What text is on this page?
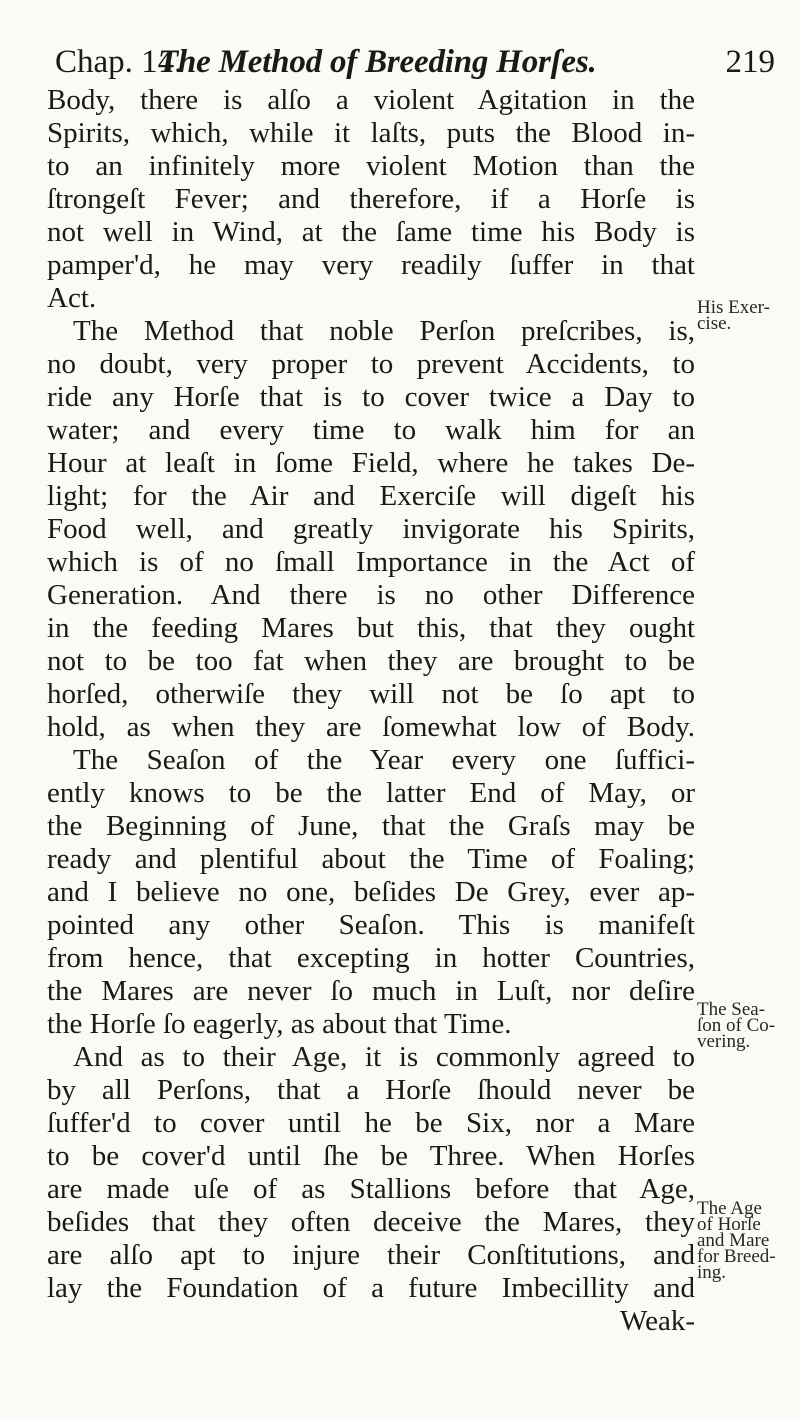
Chap. 14.
The Method of Breeding Horſes.	219
Body, there is alſo a violent Agitation in the
Spirits, which, while it laſts, puts the Blood in-
to an infinitely more violent Motion than the
ſtrongeſt Fever; and therefore, if a Horſe is
not well in Wind, at the ſame time his Body is
pamper'd, he may very readily ſuffer in that
Act.
The Method that noble Perſon preſcribes, is,
no doubt, very proper to prevent Accidents, to
ride any Horſe that is to cover twice a Day to
water; and every time to walk him for an
Hour at leaſt in ſome Field, where he takes De-
light; for the Air and Exerciſe will digeſt his
Food well, and greatly invigorate his Spirits,
which is of no ſmall Importance in the Act of
Generation. And there is no other Difference
in the feeding Mares but this, that they ought
not to be too fat when they are brought to be
horſed, otherwiſe they will not be ſo apt to
hold, as when they are ſomewhat low of Body.
The Seaſon of the Year every one ſuffici-
ently knows to be the latter End of May, or
the Beginning of June, that the Graſs may be
ready and plentiful about the Time of Foaling;
and I believe no one, beſides De Grey, ever ap-
pointed any other Seaſon. This is manifeſt
from hence, that excepting in hotter Countries,
the Mares are never ſo much in Luſt, nor deſire
the Horſe ſo eagerly, as about that Time.
And as to their Age, it is commonly agreed to
by all Perſons, that a Horſe ſhould never be
ſuffer'd to cover until he be Six, nor a Mare
to be cover'd until ſhe be Three. When Horſes
are made uſe of as Stallions before that Age,
beſides that they often deceive the Mares, they
are alſo apt to injure their Conſtitutions, and
lay the Foundation of a future Imbecillity and
Weak-
His Exer-
cise.
The Sea-
ſon of Co-
vering.
The Age
of Horſe
and Mare
for Breed-
ing.
